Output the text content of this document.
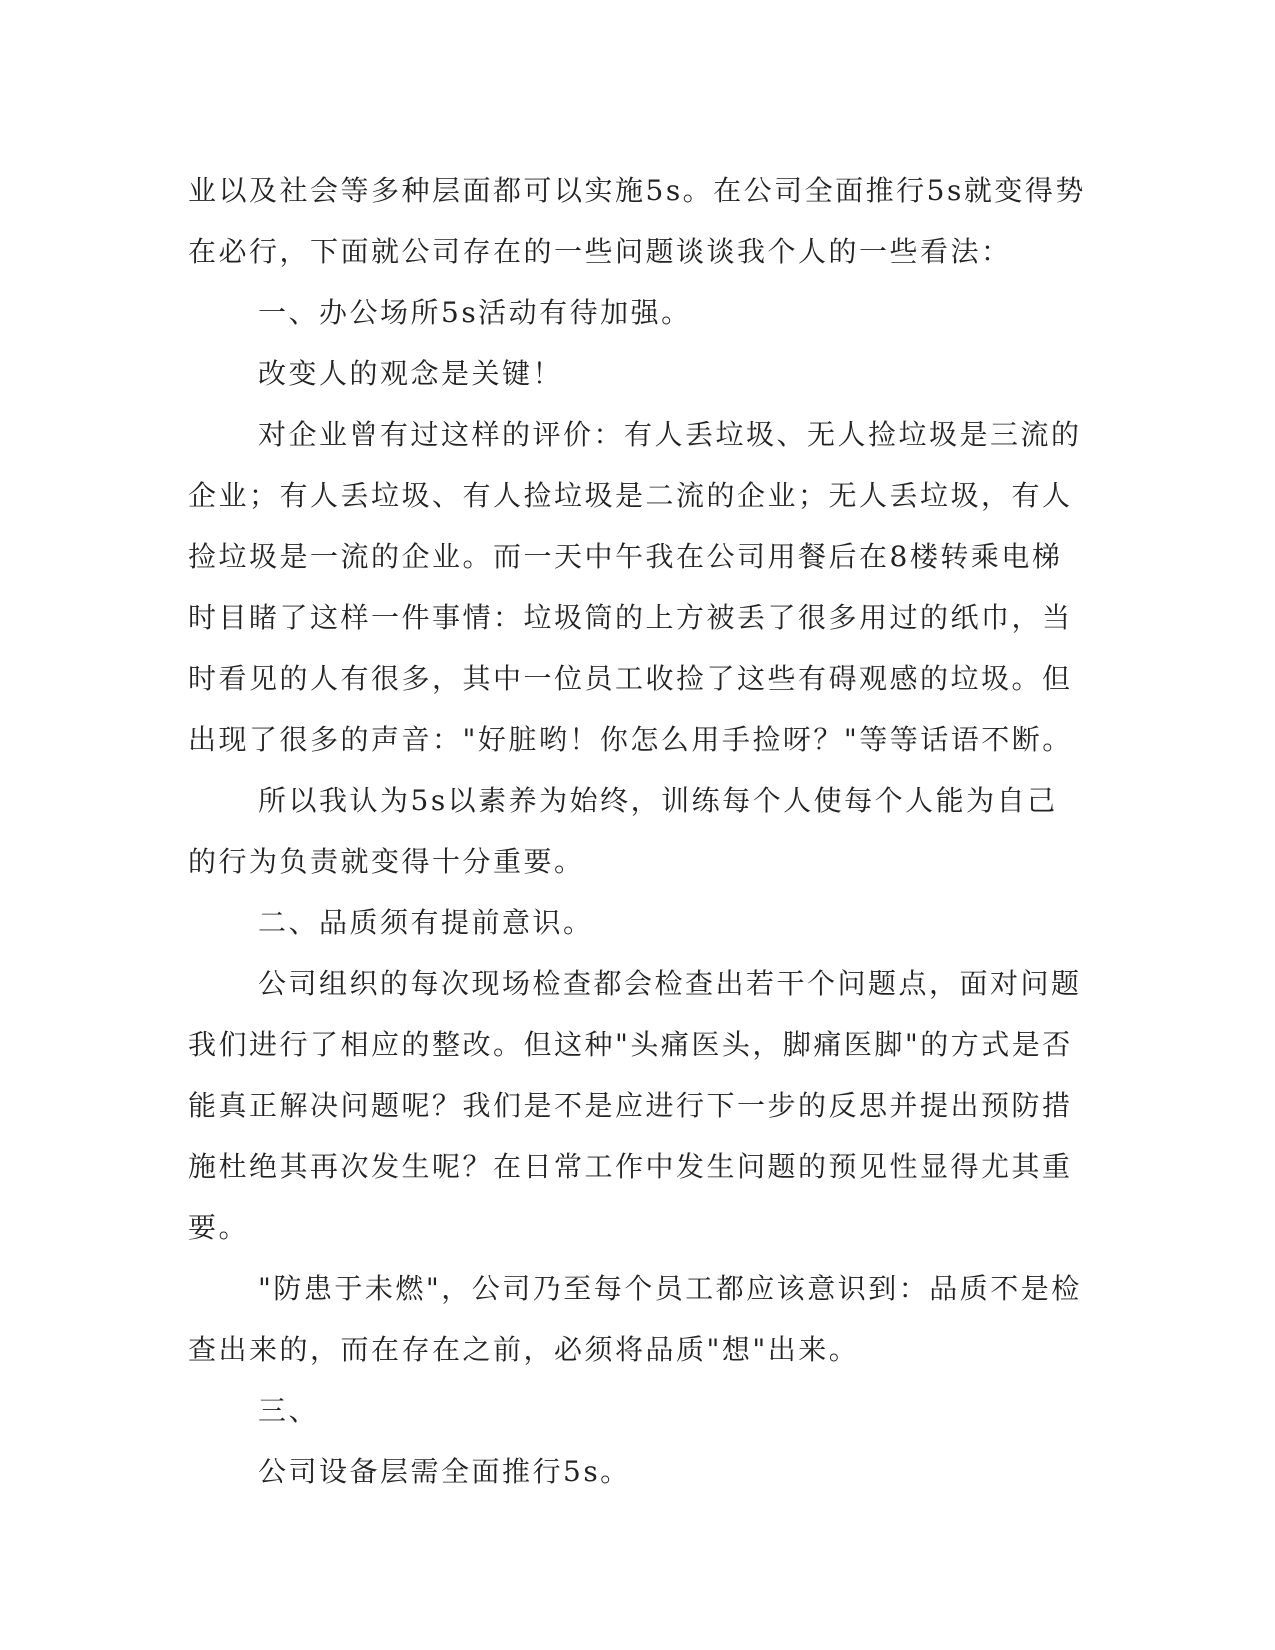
业以及社会等多种层面都可以实施5s。在公司全面推行5s就变得势在必行，下面就公司存在的一些问题谈谈我个人的一些看法：

一、办公场所5s活动有待加强。

改变人的观念是关键！

对企业曾有过这样的评价：有人丢垃圾、无人捡垃圾是三流的企业；有人丢垃圾、有人捡垃圾是二流的企业；无人丢垃圾，有人捡垃圾是一流的企业。而一天中午我在公司用餐后在8楼转乘电梯时目睹了这样一件事情：垃圾筒的上方被丢了很多用过的纸巾，当时看见的人有很多，其中一位员工收捡了这些有碍观感的垃圾。但出现了很多的声音："好脏哟！你怎么用手捡呀？"等等话语不断。

所以我认为5s以素养为始终，训练每个人使每个人能为自己的行为负责就变得十分重要。

二、品质须有提前意识。

公司组织的每次现场检查都会检查出若干个问题点，面对问题我们进行了相应的整改。但这种"头痛医头，脚痛医脚"的方式是否能真正解决问题呢？我们是不是应进行下一步的反思并提出预防措施杜绝其再次发生呢？在日常工作中发生问题的预见性显得尤其重要。

"防患于未燃"，公司乃至每个员工都应该意识到：品质不是检查出来的，而在存在之前，必须将品质"想"出来。

三、

公司设备层需全面推行5s。
